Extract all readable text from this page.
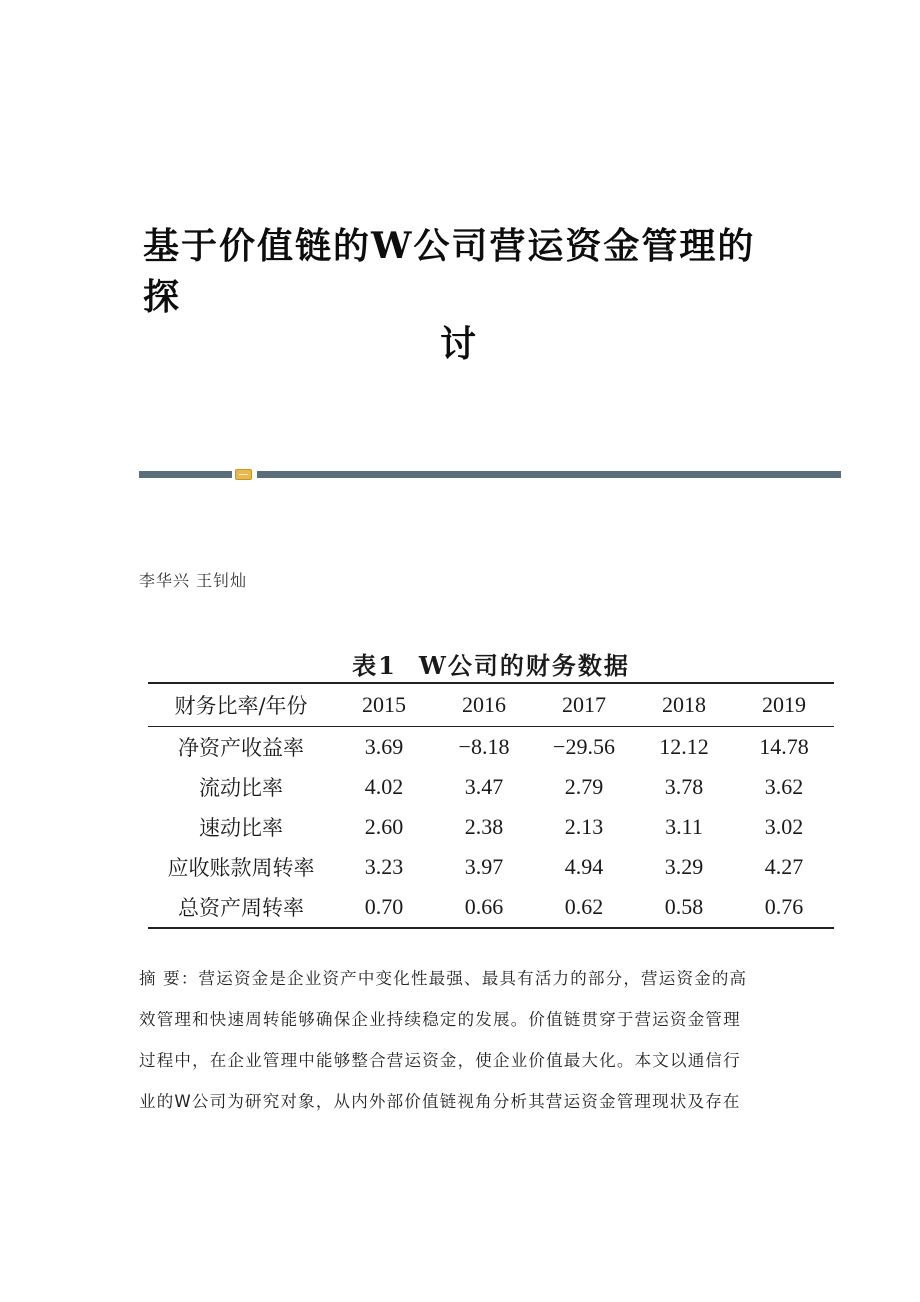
基于价值链的W公司营运资金管理的探
讨
李华兴 王钊灿
表1 W公司的财务数据
财务比率/年份	2015	2016	2017	2018	2019
净资产收益率	3.69	−8.18	−29.56	12.12	14.78
流动比率	4.02	3.47	2.79	3.78	3.62
速动比率	2.60	2.38	2.13	3.11	3.02
应收账款周转率	3.23	3.97	4.94	3.29	4.27
总资产周转率	0.70	0.66	0.62	0.58	0.76
摘 要：营运资金是企业资产中变化性最强、最具有活力的部分，营运资金的高
效管理和快速周转能够确保企业持续稳定的发展。价值链贯穿于营运资金管理
过程中，在企业管理中能够整合营运资金，使企业价值最大化。本文以通信行
业的W公司为研究对象，从内外部价值链视角分析其营运资金管理现状及存在
